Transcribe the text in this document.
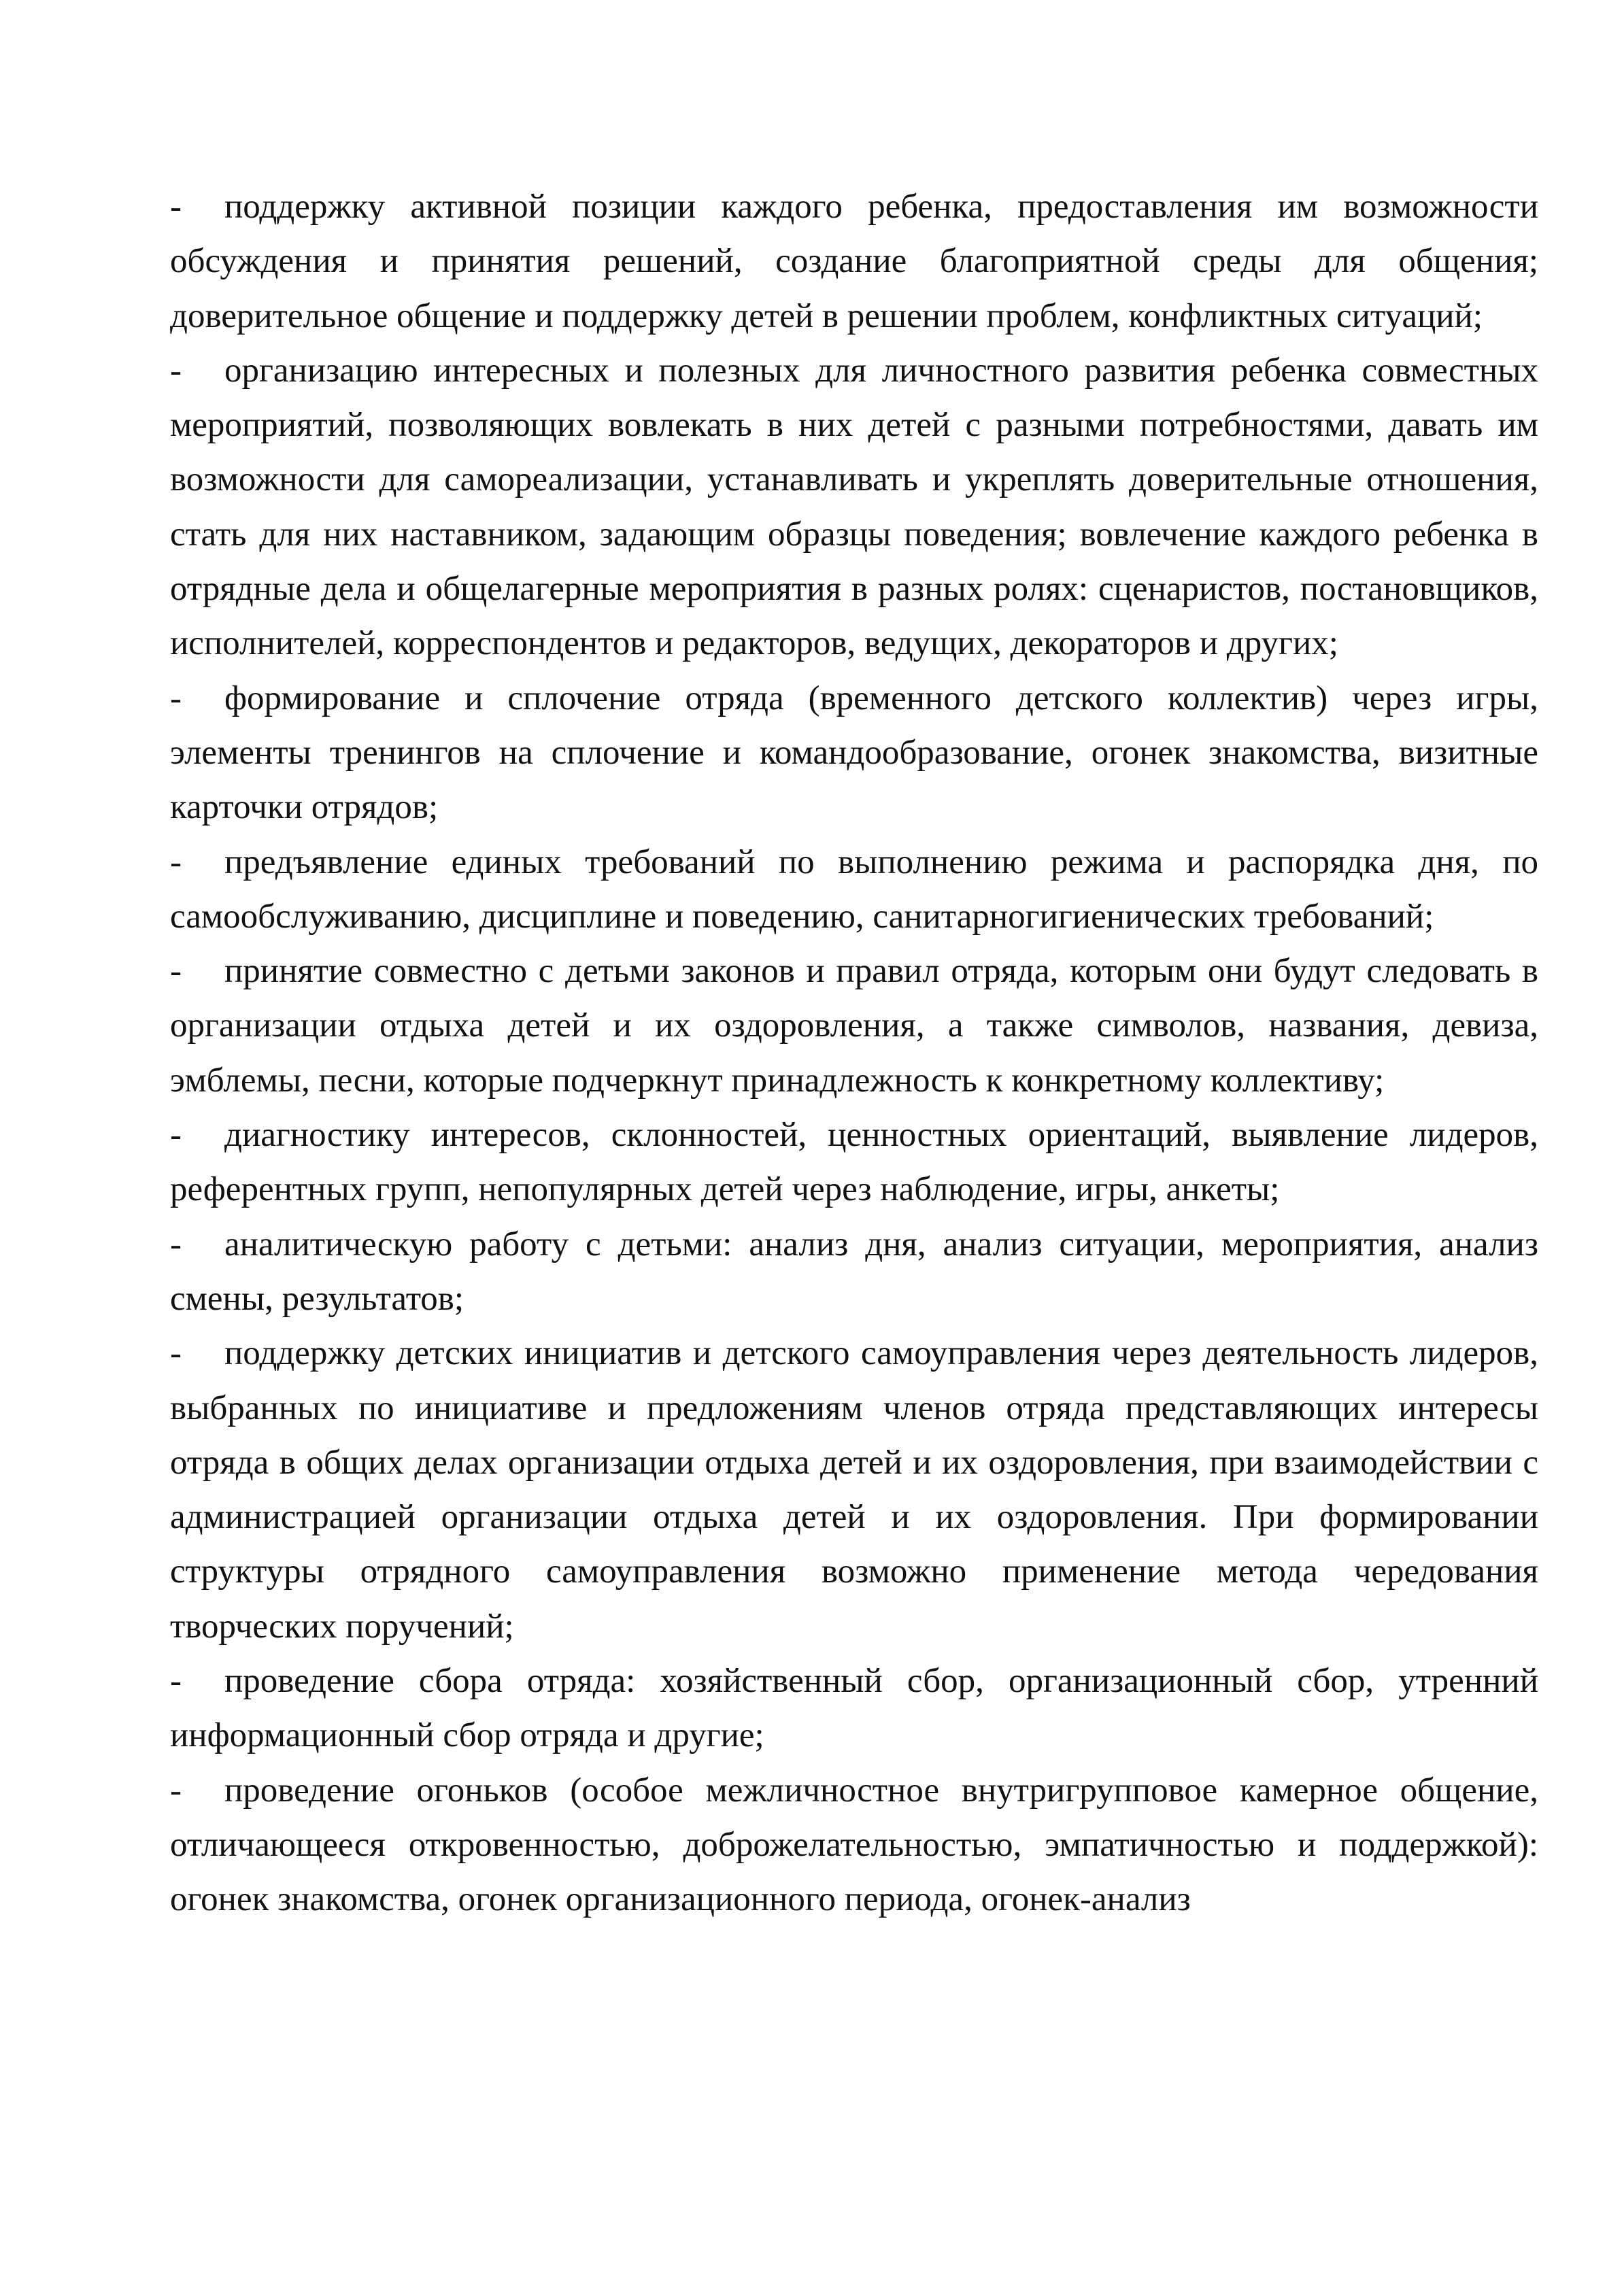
- поддержку активной позиции каждого ребенка, предоставления им возможности обсуждения и принятия решений, создание благоприятной среды для общения; доверительное общение и поддержку детей в решении проблем, конфликтных ситуаций;

- организацию интересных и полезных для личностного развития ребенка совместных мероприятий, позволяющих вовлекать в них детей с разными потребностями, давать им возможности для самореализации, устанавливать и укреплять доверительные отношения, стать для них наставником, задающим образцы поведения; вовлечение каждого ребенка в отрядные дела и общелагерные мероприятия в разных ролях: сценаристов, постановщиков, исполнителей, корреспондентов и редакторов, ведущих, декораторов и других;

- формирование и сплочение отряда (временного детского коллектив) через игры, элементы тренингов на сплочение и командообразование, огонек знакомства, визитные карточки отрядов;

- предъявление единых требований по выполнению режима и распорядка дня, по самообслуживанию, дисциплине и поведению, санитарногигиенических требований;

- принятие совместно с детьми законов и правил отряда, которым они будут следовать в организации отдыха детей и их оздоровления, а также символов, названия, девиза, эмблемы, песни, которые подчеркнут принадлежность к конкретному коллективу;

- диагностику интересов, склонностей, ценностных ориентаций, выявление лидеров, референтных групп, непопулярных детей через наблюдение, игры, анкеты;

- аналитическую работу с детьми: анализ дня, анализ ситуации, мероприятия, анализ смены, результатов;

- поддержку детских инициатив и детского самоуправления через деятельность лидеров, выбранных по инициативе и предложениям членов отряда представляющих интересы отряда в общих делах организации отдыха детей и их оздоровления, при взаимодействии с администрацией организации отдыха детей и их оздоровления. При формировании структуры отрядного самоуправления возможно применение метода чередования творческих поручений;

- проведение сбора отряда: хозяйственный сбор, организационный сбор, утренний информационный сбор отряда и другие;

- проведение огоньков (особое межличностное внутригрупповое камерное общение, отличающееся откровенностью, доброжелательностью, эмпатичностью и поддержкой): огонек знакомства, огонек организационного периода, огонек-анализ
